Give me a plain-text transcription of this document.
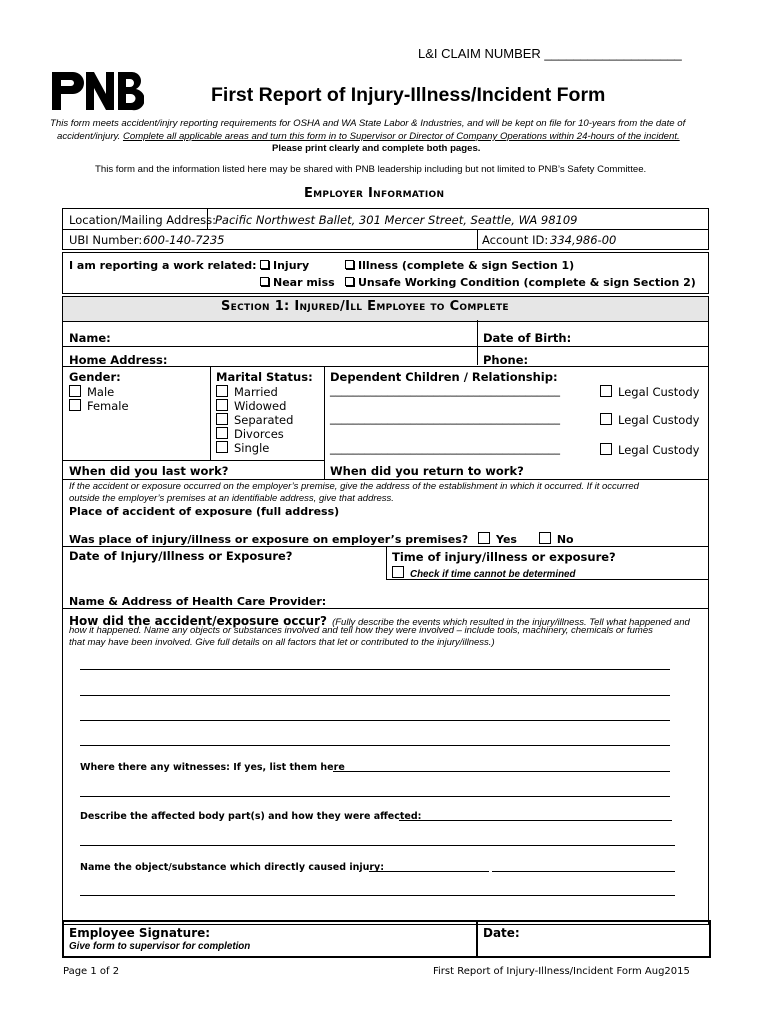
L&I CLAIM NUMBER ___________________
First Report of Injury-Illness/Incident Form
This form meets accident/injry reporting requirements for OSHA and WA State Labor & Industries, and will be kept on file for 10-years from the date of
accident/injury. Complete all applicable areas and turn this form in to Supervisor or Director of Company Operations within 24-hours of the incident.
Please print clearly and complete both pages.
This form and the information listed here may be shared with PNB leadership including but not limited to PNB’s Safety Committee.
Employer Information
Location/Mailing Address: Pacific Northwest Ballet, 301 Mercer Street, Seattle, WA 98109
UBI Number: 600-140-7235	Account ID: 334,986-00
I am reporting a work related:	Injury
Near miss
Illness (complete & sign Section 1)
Unsafe Working Condition (complete & sign Section 2)
Section 1: Injured/Ill Employee to Complete
Name:	Date of Birth:
Home Address:	Phone:
Gender:
Male
Female
Marital Status:
Married
Widowed
Separated
Divorces
Single
Dependent Children / Relationship:
________________________________________	Legal Custody
________________________________________	Legal Custody
________________________________________	Legal Custody
When did you last work?	When did you return to work?
If the accident or exposure occurred on the employer’s premise, give the address of the establishment in which it occurred. If it occurred
outside the employer’s premises at an identifiable address, give that address.
Place of accident of exposure (full address)
Was place of injury/illness or exposure on employer’s premises?	Yes	No
Date of Injury/Illness or Exposure?	Time of injury/illness or exposure?
Check if time cannot be determined
Name & Address of Health Care Provider:
How did the accident/exposure occur? (Fully describe the events which resulted in the injury/illness. Tell what happened and
how it happened. Name any objects or substances involved and tell how they were involved – include tools, machinery, chemicals or fumes
that may have been involved. Give full details on all factors that let or contributed to the injury/illness.)
Where there any witnesses: If yes, list them here
Describe the affected body part(s) and how they were affected:
Name the object/substance which directly caused injury:
Employee Signature:
Give form to supervisor for completion
Date:
Page 1 of 2	First Report of Injury-Illness/Incident Form Aug2015
